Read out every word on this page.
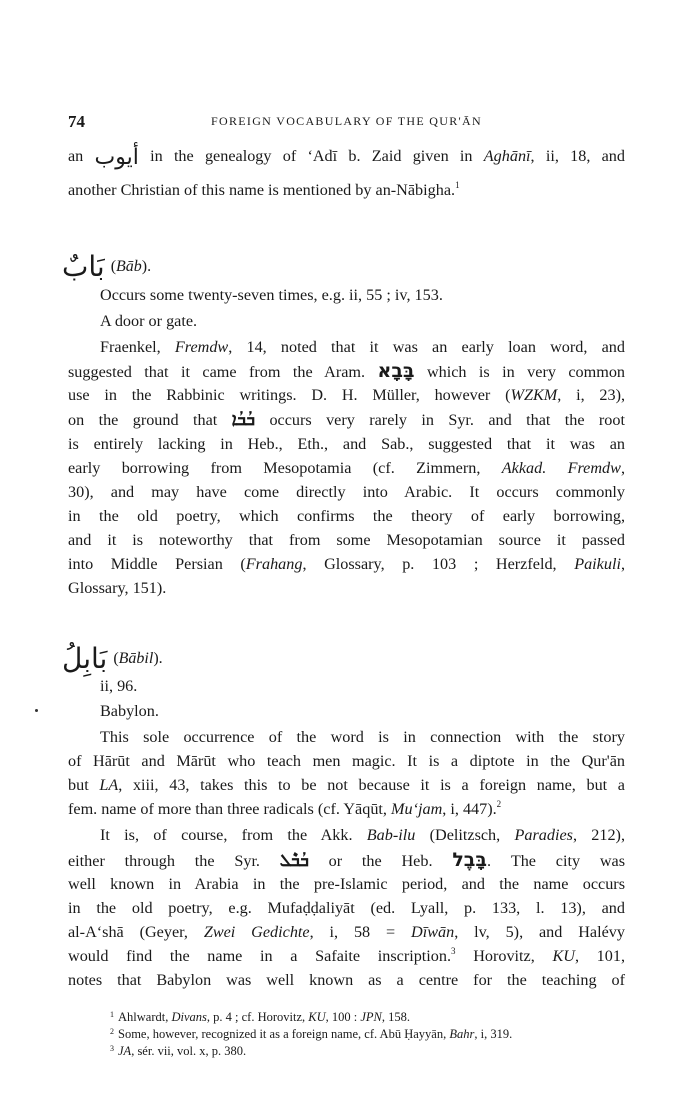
74	FOREIGN VOCABULARY OF THE QUR'ĀN
an أيوب in the genealogy of ‘Adī b. Zaid given in Aghānī, ii, 18, and
another Christian of this name is mentioned by an-Nābigha.$^1$
بَابٌ (Bāb).
Occurs some twenty-seven times, e.g. ii, 55 ; iv, 153.
A door or gate.
Fraenkel, Fremdw, 14, noted that it was an early loan word, and
suggested that it came from the Aram. בָּבָא which is in very common
use in the Rabbinic writings. D. H. Müller, however (WZKM, i, 23),
on the ground that ܒܳܒܳܐ occurs very rarely in Syr. and that the root
is entirely lacking in Heb., Eth., and Sab., suggested that it was an
early borrowing from Mesopotamia (cf. Zimmern, Akkad. Fremdw,
30), and may have come directly into Arabic. It occurs commonly
in the old poetry, which confirms the theory of early borrowing,
and it is noteworthy that from some Mesopotamian source it passed
into Middle Persian (Frahang, Glossary, p. 103 ; Herzfeld, Paikuli,
Glossary, 151).
بَابِلُ (Bābil).
ii, 96.
Babylon.
This sole occurrence of the word is in connection with the story
of Hārūt and Mārūt who teach men magic. It is a diptote in the Qur'ān
but LA, xiii, 43, takes this to be not because it is a foreign name, but a
fem. name of more than three radicals (cf. Yāqūt, Mu‘jam, i, 447).$^2$
It is, of course, from the Akk. Bab-ilu (Delitzsch, Paradies, 212),
either through the Syr. ܒܳܒܶܠ or the Heb. בָּבֶל. The city was
well known in Arabia in the pre-Islamic period, and the name occurs
in the old poetry, e.g. Mufaḍḍaliyāt (ed. Lyall, p. 133, l. 13), and
al-A‘shā (Geyer, Zwei Gedichte, i, 58 = Dīwān, lv, 5), and Halévy
would find the name in a Safaite inscription.$^3$ Horovitz, KU, 101,
notes that Babylon was well known as a centre for the teaching of
$^1$ Ahlwardt, Divans, p. 4 ; cf. Horovitz, KU, 100 : JPN, 158.
$^2$ Some, however, recognized it as a foreign name, cf. Abū Ḥayyān, Bahr, i, 319.
$^3$ JA, sér. vii, vol. x, p. 380.
